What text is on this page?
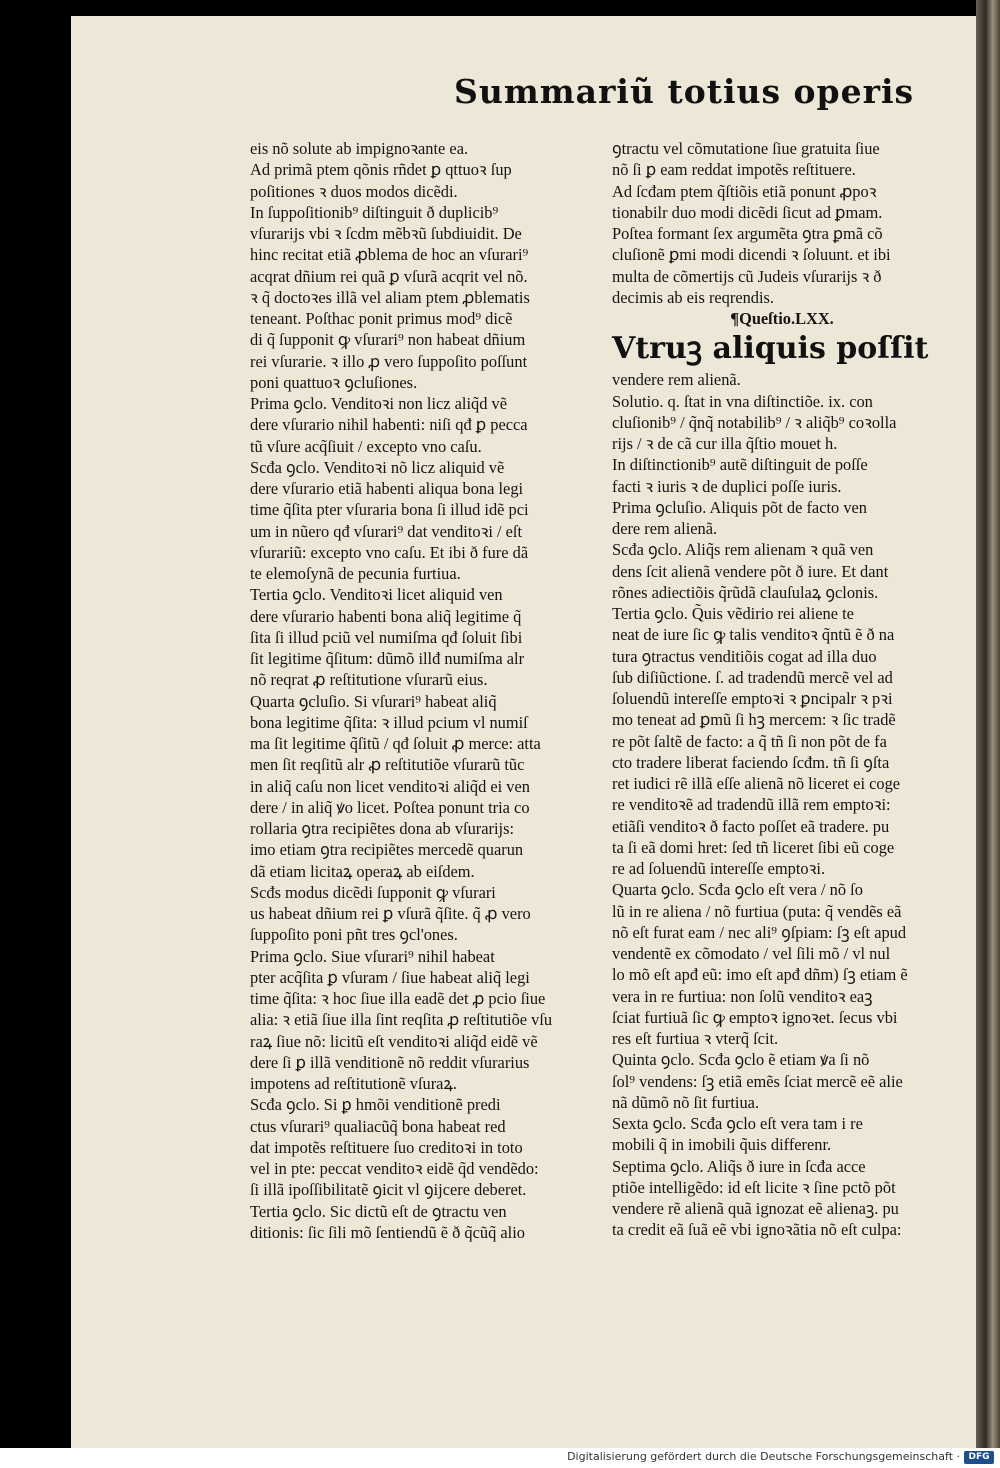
Summariũ totius operis
eis nõ solute ab impignoꝛante ea.
Ad primã ptem qõnis rñdet ꝑ qttuoꝛ ſup
poſitiones ꝛ duos modos dicẽdi.
In ſuppoſitionib⁹ diſtinguit ð duplicib⁹
vſurarijs vbi ꝛ ſcdm mẽbꝛũ ſubdiuidit. De
hinc recitat etiã ꝓblema de hoc an vſurari⁹
acqrat dñium rei quã ꝑ vſurã acqrit vel nõ.
ꝛ q̃ doctoꝛes illã vel aliam ptem ꝓblematis
teneant. Poſthac ponit primus mod⁹ dicẽ
di q̃ ſupponit ꝙ vſurari⁹ non habeat dñium
rei vſurarie. ꝛ illo ꝓ vero ſuppoſito poſſunt
poni quattuoꝛ ꝯcluſiones.
Prima ꝯclo. Venditoꝛi non licz aliq̃d vẽ
dere vſurario nihil habenti: niſi qđ ꝑ pecca
tũ vſure acq̃ſiuit / excepto vno caſu.
Scđa ꝯclo. Venditoꝛi nõ licz aliquid vẽ
dere vſurario etiã habenti aliqua bona legi
time q̃ſita pter vſuraria bona ſi illud idẽ pci
um in nũero qđ vſurari⁹ dat venditoꝛi / eſt
vſurariũ: excepto vno caſu. Et ibi ð fure dã
te elemoſynã de pecunia furtiua.
Tertia ꝯclo. Venditoꝛi licet aliquid ven
dere vſurario habenti bona aliq̃ legitime q̃
ſita ſi illud pciũ vel numiſma qđ ſoluit ſibi
ſit legitime q̃ſitum: dũmõ illđ numiſma alr
nõ reqrat ꝓ reſtitutione vſurarũ eius.
Quarta ꝯcluſio. Si vſurari⁹ habeat aliq̃
bona legitime q̃ſita: ꝛ illud pcium vl numiſ
ma ſit legitime q̃ſitũ / qđ ſoluit ꝓ merce: atta
men ſit reqſitũ alr ꝓ reſtitutiõe vſurarũ tũc
in aliq̃ caſu non licet venditoꝛi aliq̃d ei ven
dere / in aliq̃ ꝟo licet. Poſtea ponunt tria co
rollaria ꝯtra recipiẽtes dona ab vſurarijs:
imo etiam ꝯtra recipiẽtes mercedẽ quarun
dã etiam licitaꝝ operaꝝ ab eiſdem.
Scđs modus dicẽdi ſupponit ꝙ vſurari
us habeat dñium rei ꝑ vſurã q̃ſite. q̃ ꝓ vero
ſuppoſito poni pñt tres ꝯcl'ones.
Prima ꝯclo. Siue vſurari⁹ nihil habeat
pter acq̃ſita ꝑ vſuram / ſiue habeat aliq̃ legi
time q̃ſita: ꝛ hoc ſiue illa eadẽ det ꝓ pcio ſiue
alia: ꝛ etiã ſiue illa ſint reqſita ꝓ reſtitutiõe vſu
raꝝ ſiue nõ: licitũ eſt venditoꝛi aliq̃d eidẽ vẽ
dere ſi ꝑ illã venditionẽ nõ reddit vſurarius
impotens ad reſtitutionẽ vſuraꝝ.
Scđa ꝯclo. Si ꝑ hmõi venditionẽ predi
ctus vſurari⁹ qualiacũq̃ bona habeat red
dat impotẽs reſtituere ſuo creditoꝛi in toto
vel in pte: peccat venditoꝛ eidẽ q̃d vendẽdo:
ſi illã ipoſſibilitatẽ ꝯicit vl ꝯijcere deberet.
Tertia ꝯclo. Sic dictũ eſt de ꝯtractu ven
ditionis: ſic ſili mõ ſentiendũ ẽ ð q̃cũq̃ alio
ꝯtractu vel cõmutatione ſiue gratuita ſiue
nõ ſi ꝑ eam reddat impotẽs reſtituere.
Ad ſcđam ptem q̃ſtiõis etiã ponunt ꝓpoꝛ
tionabilr duo modi dicẽdi ſicut ad ꝑmam.
Poſtea formant ſex argumẽta ꝯtra ꝑmã cõ
cluſionẽ ꝑmi modi dicendi ꝛ ſoluunt. et ibi
multa de cõmertijs cũ Judeis vſurarijs ꝛ ð
decimis ab eis reqrendis.
¶Queſtio.LXX.
Vtruꝫ aliquis poſſit
vendere rem alienã.
Solutio. q. ſtat in vna diſtinctiõe. ix. con
cluſionib⁹ / q̃nq̃ notabilib⁹ / ꝛ aliq̃b⁹ coꝛolla
rijs / ꝛ de cã cur illa q̃ſtio mouet h.
In diſtinctionib⁹ autẽ diſtinguit de poſſe
facti ꝛ iuris ꝛ de duplici poſſe iuris.
Prima ꝯcluſio. Aliquis põt de facto ven
dere rem alienã.
Scđa ꝯclo. Aliq̃s rem alienam ꝛ quã ven
dens ſcit alienã vendere põt ð iure. Et dant
rõnes adiectiõis q̃rũdã clauſulaꝝ ꝯclonis.
Tertia ꝯclo. Q̃uis vẽdirio rei aliene te
neat de iure ſic ꝙ talis venditoꝛ q̃ntũ ẽ ð na
tura ꝯtractus venditiõis cogat ad illa duo
ſub diſiũctione. ſ. ad tradendũ mercẽ vel ad
ſoluendũ intereſſe emptoꝛi ꝛ ꝑncipalr ꝛ pꝛi
mo teneat ad ꝑmũ ſi hꝫ mercem: ꝛ ſic tradẽ
re põt ſaltẽ de facto: a q̃ tñ ſi non põt de fa
cto tradere liberat faciendo ſcđm. tñ ſi ꝯſta
ret iudici rẽ illã eſſe alienã nõ liceret ei coge
re venditoꝛẽ ad tradendũ illã rem emptoꝛi:
etiãſi venditoꝛ ð facto poſſet eã tradere. pu
ta ſi eã domi hret: ſed tñ liceret ſibi eũ coge
re ad ſoluendũ intereſſe emptoꝛi.
Quarta ꝯclo. Scđa ꝯclo eſt vera / nõ ſo
lũ in re aliena / nõ furtiua (puta: q̃ vendẽs eã
nõ eſt furat eam / nec ali⁹ ꝯſpiam: ſꝫ eſt apud
vendentẽ ex cõmodato / vel ſili mõ / vl nul
lo mõ eſt apđ eũ: imo eſt apđ dñm) ſꝫ etiam ẽ
vera in re furtiua: non ſolũ venditoꝛ eaꝫ
ſciat furtiuã ſic ꝙ emptoꝛ ignoꝛet. ſecus vbi
res eſt furtiua ꝛ vterq̃ ſcit.
Quinta ꝯclo. Scđa ꝯclo ẽ etiam ꝟa ſi nõ
ſol⁹ vendens: ſꝫ etiã emẽs ſciat mercẽ eẽ alie
nã dũmõ nõ ſit furtiua.
Sexta ꝯclo. Scđa ꝯclo eſt vera tam i re
mobili q̃ in imobili q̃uis differenr.
Septima ꝯclo. Aliq̃s ð iure in ſcđa acce
ptiõe intelligẽdo: id eſt licite ꝛ ſine pctõ põt
vendere rẽ alienã quã ignozat eẽ alienaꝫ. pu
ta credit eã ſuã eẽ vbi ignoꝛãtia nõ eſt culpa:
Digitalisierung gefördert durch die Deutsche Forschungsgemeinschaft · DFG
